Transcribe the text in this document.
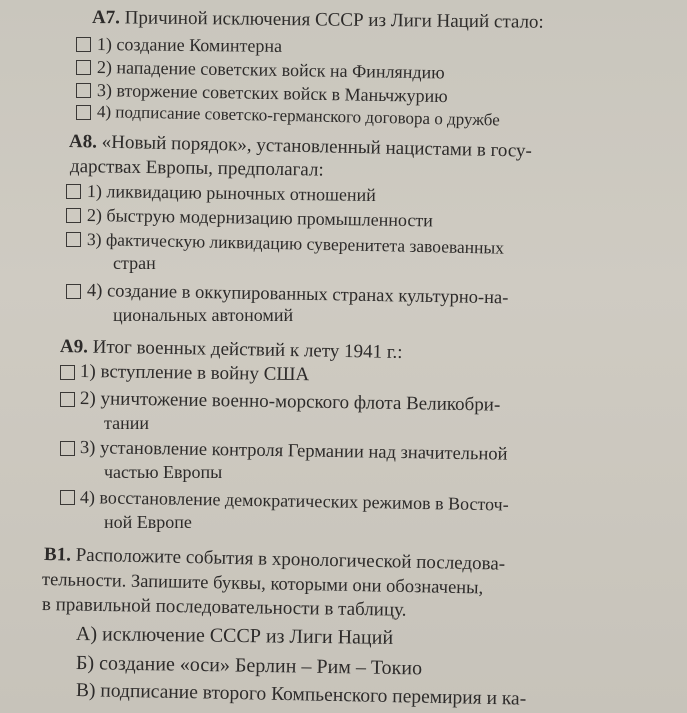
А7. Причиной исключения СССР из Лиги Наций стало:
1) создание Коминтерна
2) нападение советских войск на Финляндию
3) вторжение советских войск в Маньчжурию
4) подписание советско-германского договора о дружбе
А8. «Новый порядок», установленный нацистами в госу-
дарствах Европы, предполагал:
1) ликвидацию рыночных отношений
2) быструю модернизацию промышленности
3) фактическую ликвидацию суверенитета завоеванных
стран
4) создание в оккупированных странах культурно-на-
циональных автономий
А9. Итог военных действий к лету 1941 г.:
1) вступление в войну США
2) уничтожение военно-морского флота Великобри-
тании
3) установление контроля Германии над значительной
частью Европы
4) восстановление демократических режимов в Восточ-
ной Европе
В1. Расположите события в хронологической последова-
тельности. Запишите буквы, которыми они обозначены,
в правильной последовательности в таблицу.
А) исключение СССР из Лиги Наций
Б) создание «оси» Берлин – Рим – Токио
В) подписание второго Компьенского перемирия и ка-
